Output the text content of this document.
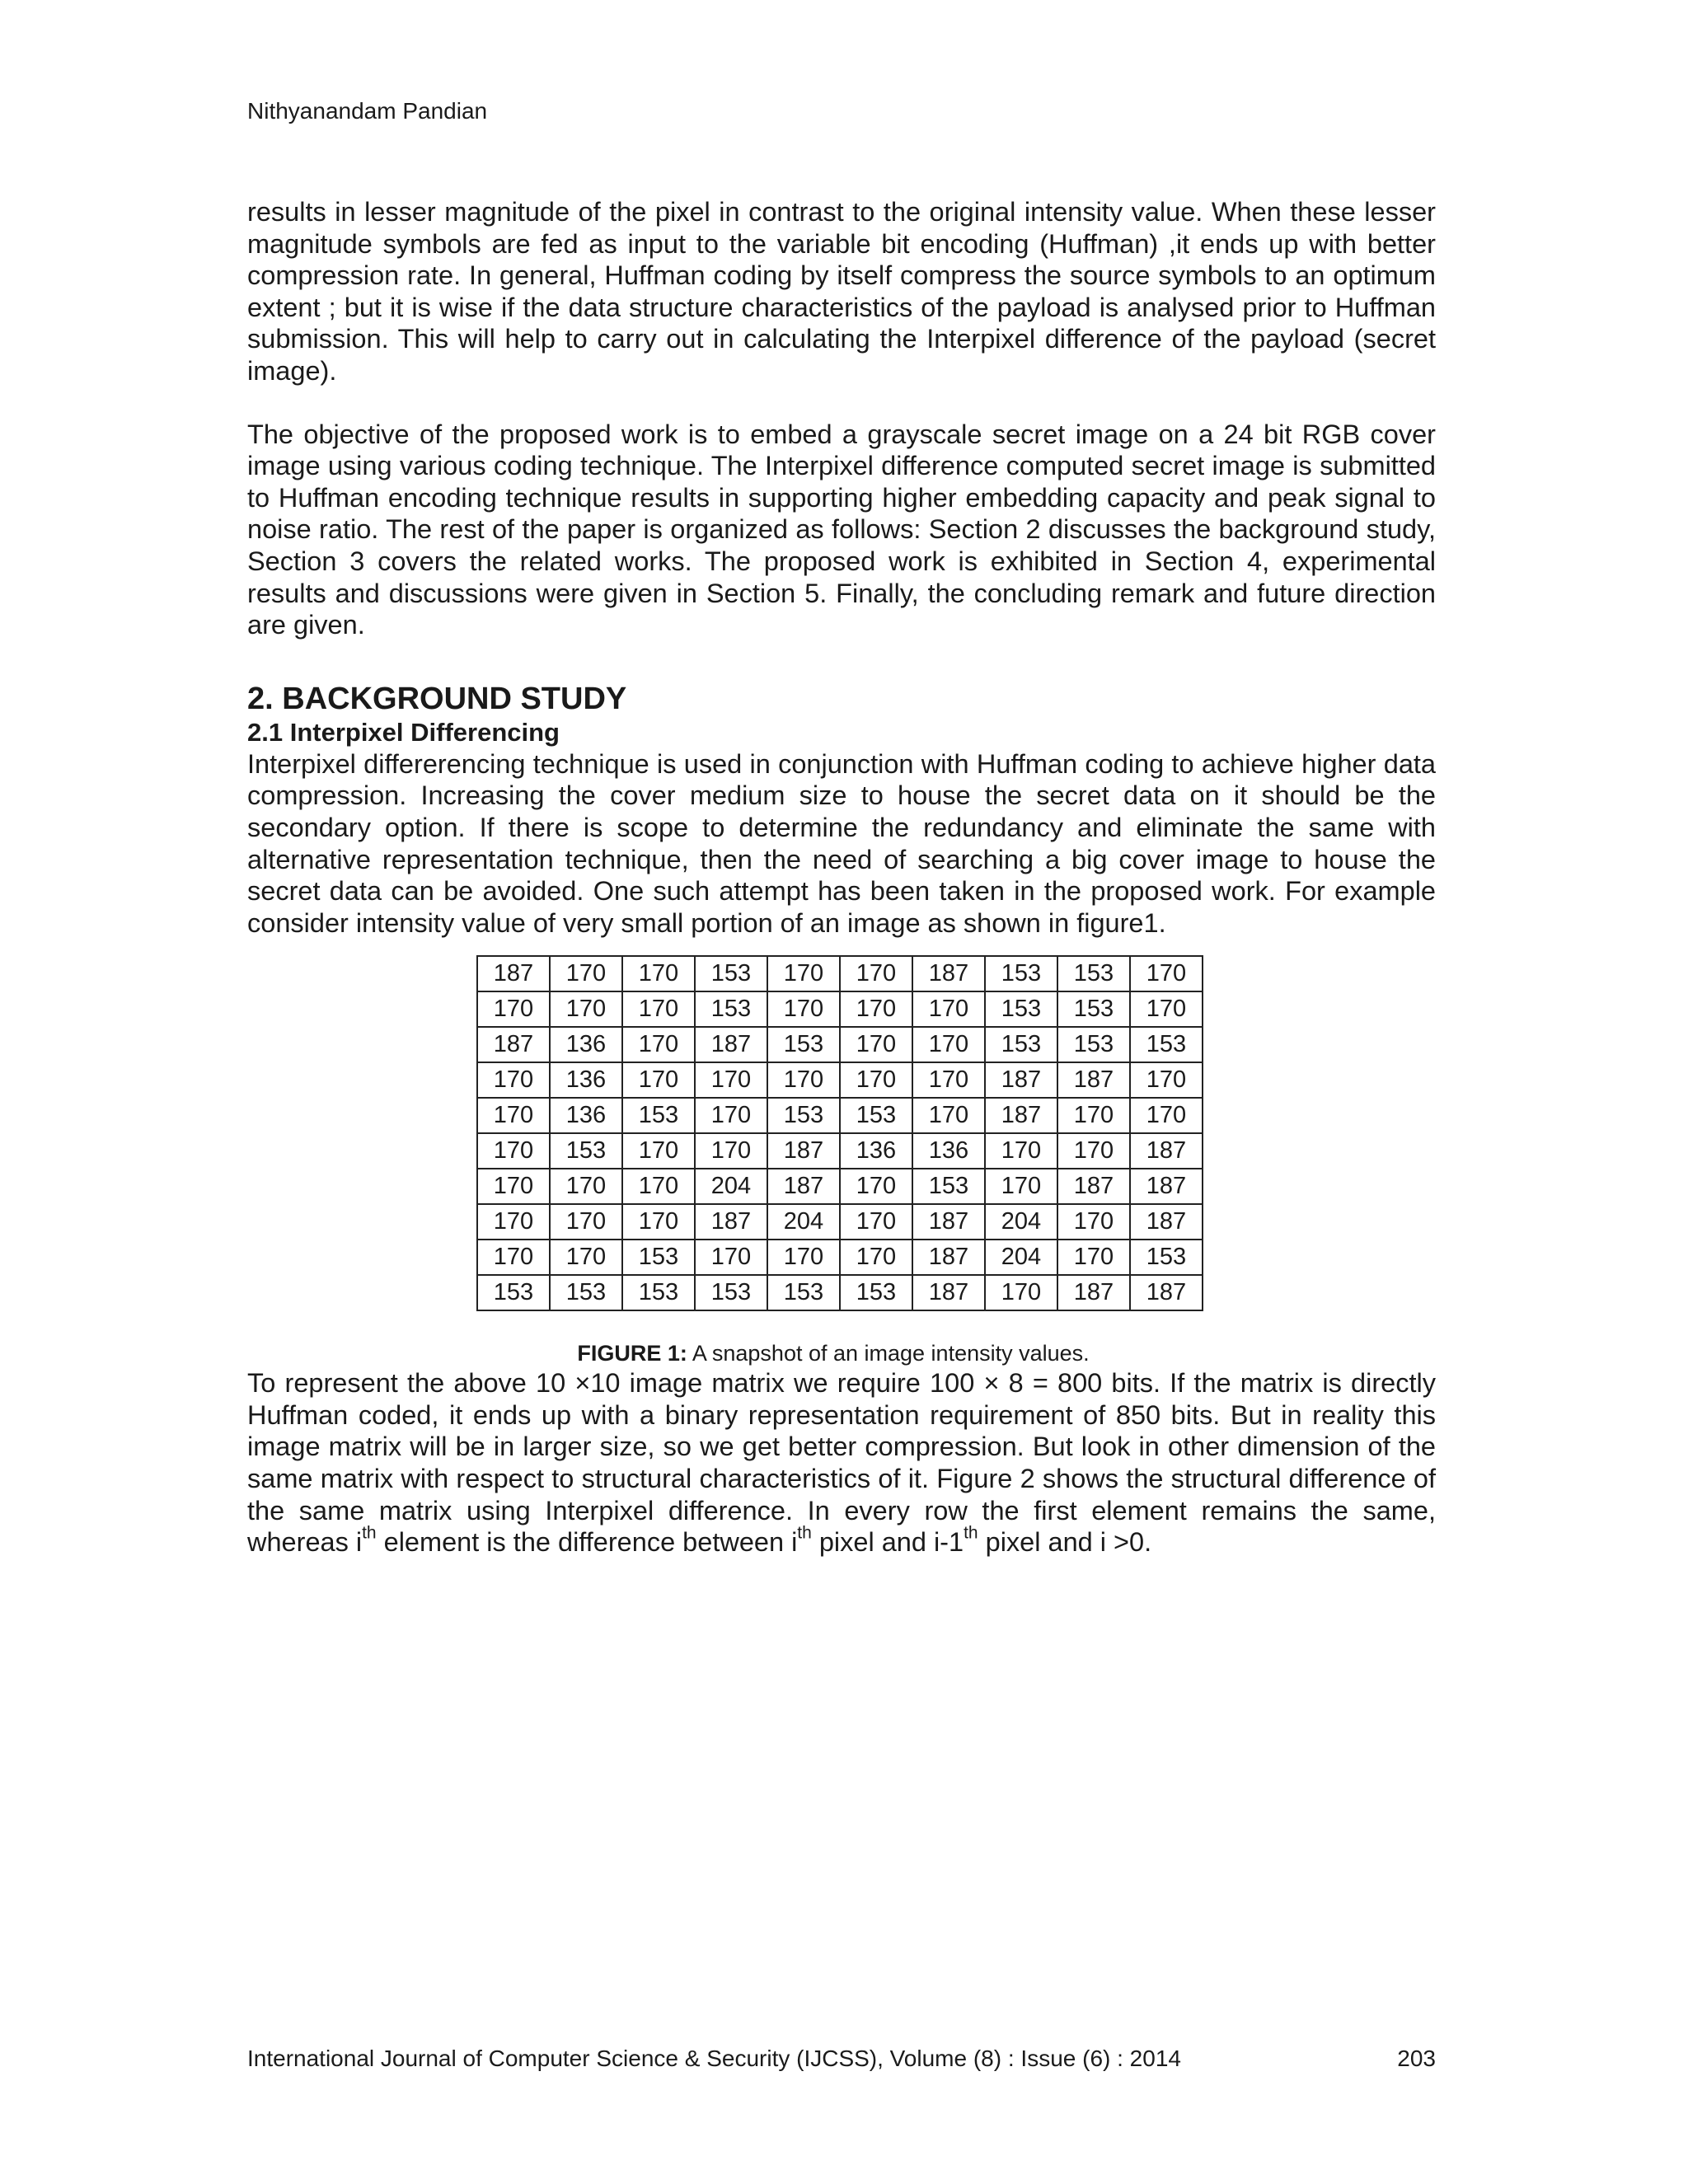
Nithyanandam Pandian

results in lesser magnitude of the pixel in contrast to the original intensity value. When these lesser magnitude symbols are fed as input to the variable bit encoding (Huffman) ,it ends up with better compression rate. In general, Huffman coding by itself compress the source symbols to an optimum extent ; but it is wise if the data structure characteristics of the payload is analysed prior to Huffman submission. This will help to carry out in calculating the Interpixel difference of the payload (secret image).

The objective of the proposed work is to embed a grayscale secret image on a 24 bit RGB cover image using various coding technique. The Interpixel difference computed secret image is submitted to Huffman encoding technique results in supporting higher embedding capacity and peak signal to noise ratio. The rest of the paper is organized as follows: Section 2 discusses the background study, Section 3 covers the related works. The proposed work is exhibited in Section 4, experimental results and discussions were given in Section 5. Finally, the concluding remark and future direction are given.

2. BACKGROUND STUDY
2.1 Interpixel Differencing

Interpixel differerencing technique is used in conjunction with Huffman coding to achieve higher data compression. Increasing the cover medium size to house the secret data on it should be the secondary option. If there is scope to determine the redundancy and eliminate the same with alternative representation technique, then the need of searching a big cover image to house the secret data can be avoided. One such attempt has been taken in the proposed work. For example consider intensity value of very small portion of an image as shown in figure1.

187	170	170	153	170	170	187	153	153	170
170	170	170	153	170	170	170	153	153	170
187	136	170	187	153	170	170	153	153	153
170	136	170	170	170	170	170	187	187	170
170	136	153	170	153	153	170	187	170	170
170	153	170	170	187	136	136	170	170	187
170	170	170	204	187	170	153	170	187	187
170	170	170	187	204	170	187	204	170	187
170	170	153	170	170	170	187	204	170	153
153	153	153	153	153	153	187	170	187	187
FIGURE 1: A snapshot of an image intensity values.

To represent the above 10 ×10 image matrix we require 100 × 8 = 800 bits. If the matrix is directly Huffman coded, it ends up with a binary representation requirement of 850 bits. But in reality this image matrix will be in larger size, so we get better compression. But look in other dimension of the same matrix with respect to structural characteristics of it. Figure 2 shows the structural difference of the same matrix using Interpixel difference. In every row the first element remains the same, whereas $i^{th}$ element is the difference between $i^{th}$ pixel and i-1th pixel and i >0.

International Journal of Computer Science & Security (IJCSS), Volume (8) : Issue (6) : 2014	203
